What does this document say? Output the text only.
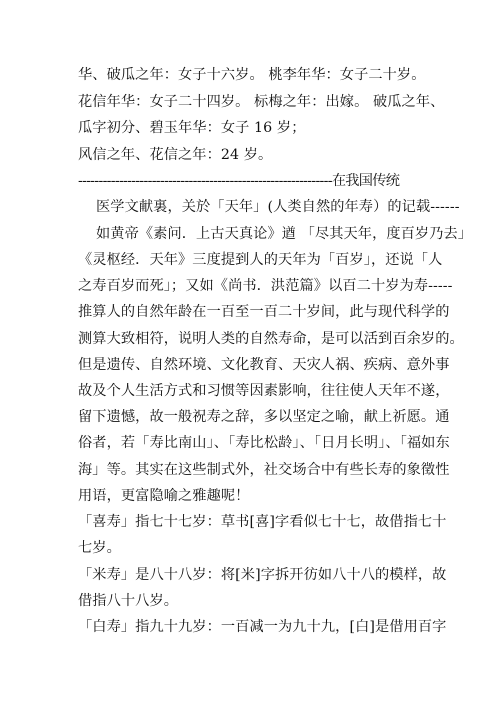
华、破瓜之年：女子十六岁。 桃李年华：女子二十岁。
花信年华：女子二十四岁。 标梅之年：出嫁。 破瓜之年、
瓜字初分、碧玉年华：女子 16 岁；
风信之年、花信之年：24 岁。
--------------------------------------------------------------在我国传统
医学文献裏，关於「天年」(人类自然的年寿）的记载------
如黄帝《素问．上古天真论》遒 「尽其天年，度百岁乃去」
《灵枢经．天年》三度提到人的天年为「百岁」，还说「人
之寿百岁而死」；又如《尚书．洪范篇》以百二十岁为寿-----
推算人的自然年龄在一百至一百二十岁间，此与现代科学的
测算大致相符，说明人类的自然寿命，是可以活到百余岁的。
但是遗传、自然环境、文化教育、天灾人祸、疾病、意外事
故及个人生活方式和习惯等因素影响，往往使人天年不遂，
留下遗憾，故一般祝寿之辞，多以坚定之喻，献上祈愿。通
俗者，若「寿比南山」、「寿比松龄」、「日月长明」、「福如东
海」等。其实在这些制式外，社交场合中有些长寿的象徵性
用语，更富隐喻之雅趣呢！
「喜寿」指七十七岁：草书[喜]字看似七十七，故借指七十
七岁。
「米寿」是八十八岁：将[米]字拆开彷如八十八的模样，故
借指八十八岁。
「白寿」指九十九岁：一百减一为九十九，[白]是借用百字
